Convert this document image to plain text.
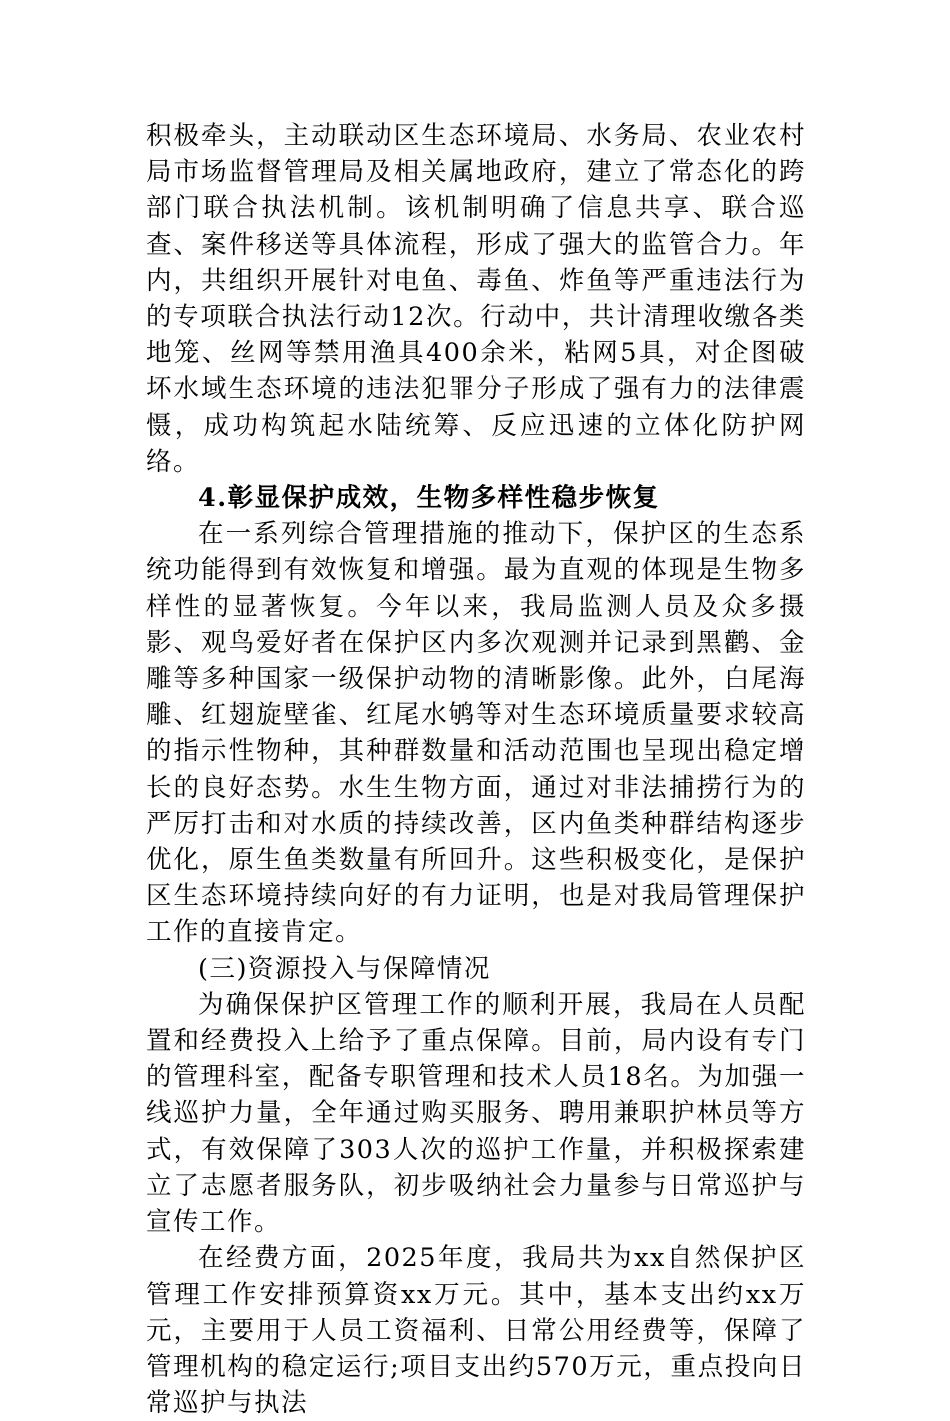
积极牵头，主动联动区生态环境局、水务局、农业农村局市场监督管理局及相关属地政府，建立了常态化的跨部门联合执法机制。该机制明确了信息共享、联合巡查、案件移送等具体流程，形成了强大的监管合力。年内，共组织开展针对电鱼、毒鱼、炸鱼等严重违法行为的专项联合执法行动12次。行动中，共计清理收缴各类地笼、丝网等禁用渔具400余米，粘网5具，对企图破坏水域生态环境的违法犯罪分子形成了强有力的法律震慑，成功构筑起水陆统筹、反应迅速的立体化防护网络。

4.彰显保护成效，生物多样性稳步恢复

在一系列综合管理措施的推动下，保护区的生态系统功能得到有效恢复和增强。最为直观的体现是生物多样性的显著恢复。今年以来，我局监测人员及众多摄影、观鸟爱好者在保护区内多次观测并记录到黑鹳、金雕等多种国家一级保护动物的清晰影像。此外，白尾海雕、红翅旋壁雀、红尾水鸲等对生态环境质量要求较高的指示性物种，其种群数量和活动范围也呈现出稳定增长的良好态势。水生生物方面，通过对非法捕捞行为的严厉打击和对水质的持续改善，区内鱼类种群结构逐步优化，原生鱼类数量有所回升。这些积极变化，是保护区生态环境持续向好的有力证明，也是对我局管理保护工作的直接肯定。

(三)资源投入与保障情况

为确保保护区管理工作的顺利开展，我局在人员配置和经费投入上给予了重点保障。目前，局内设有专门的管理科室，配备专职管理和技术人员18名。为加强一线巡护力量，全年通过购买服务、聘用兼职护林员等方式，有效保障了303人次的巡护工作量，并积极探索建立了志愿者服务队，初步吸纳社会力量参与日常巡护与宣传工作。

在经费方面，2025年度，我局共为xx自然保护区管理工作安排预算资xx万元。其中，基本支出约xx万元，主要用于人员工资福利、日常公用经费等，保障了管理机构的稳定运行;项目支出约570万元，重点投向日常巡护与执法
